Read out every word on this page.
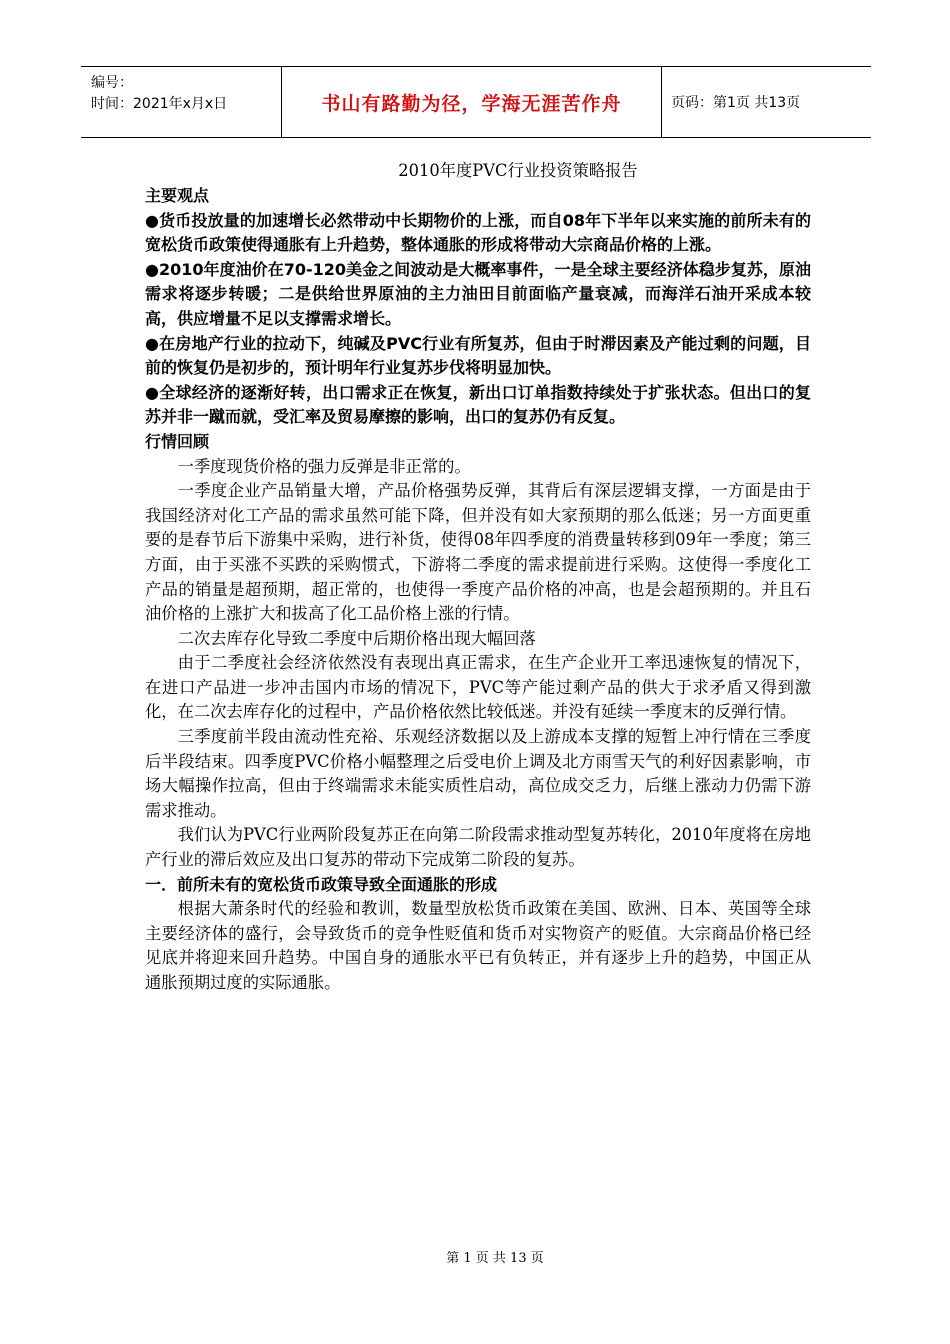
编号：
时间：2021年x月x日	书山有路勤为径，学海无涯苦作舟	页码：第1页 共13页

2010年度PVC行业投资策略报告

主要观点

●货币投放量的加速增长必然带动中长期物价的上涨，而自08年下半年以来实施的前所未有的宽松货币政策使得通胀有上升趋势，整体通胀的形成将带动大宗商品价格的上涨。

●2010年度油价在70-120美金之间波动是大概率事件，一是全球主要经济体稳步复苏，原油需求将逐步转暖；二是供给世界原油的主力油田目前面临产量衰减，而海洋石油开采成本较高，供应增量不足以支撑需求增长。

●在房地产行业的拉动下，纯碱及PVC行业有所复苏，但由于时滞因素及产能过剩的问题，目前的恢复仍是初步的，预计明年行业复苏步伐将明显加快。

●全球经济的逐渐好转，出口需求正在恢复，新出口订单指数持续处于扩张状态。但出口的复苏并非一蹴而就，受汇率及贸易摩擦的影响，出口的复苏仍有反复。

行情回顾

一季度现货价格的强力反弹是非正常的。

一季度企业产品销量大增，产品价格强势反弹，其背后有深层逻辑支撑，一方面是由于我国经济对化工产品的需求虽然可能下降，但并没有如大家预期的那么低迷；另一方面更重要的是春节后下游集中采购，进行补货，使得08年四季度的消费量转移到09年一季度；第三方面，由于买涨不买跌的采购惯式，下游将二季度的需求提前进行采购。这使得一季度化工产品的销量是超预期，超正常的，也使得一季度产品价格的冲高，也是会超预期的。并且石油价格的上涨扩大和拔高了化工品价格上涨的行情。

二次去库存化导致二季度中后期价格出现大幅回落

由于二季度社会经济依然没有表现出真正需求，在生产企业开工率迅速恢复的情况下，在进口产品进一步冲击国内市场的情况下，PVC等产能过剩产品的供大于求矛盾又得到激化，在二次去库存化的过程中，产品价格依然比较低迷。并没有延续一季度末的反弹行情。

三季度前半段由流动性充裕、乐观经济数据以及上游成本支撑的短暂上冲行情在三季度后半段结束。四季度PVC价格小幅整理之后受电价上调及北方雨雪天气的利好因素影响，市场大幅操作拉高，但由于终端需求未能实质性启动，高位成交乏力，后继上涨动力仍需下游需求推动。

我们认为PVC行业两阶段复苏正在向第二阶段需求推动型复苏转化，2010年度将在房地产行业的滞后效应及出口复苏的带动下完成第二阶段的复苏。

一．前所未有的宽松货币政策导致全面通胀的形成

根据大萧条时代的经验和教训，数量型放松货币政策在美国、欧洲、日本、英国等全球主要经济体的盛行，会导致货币的竞争性贬值和货币对实物资产的贬值。大宗商品价格已经见底并将迎来回升趋势。中国自身的通胀水平已有负转正，并有逐步上升的趋势，中国正从通胀预期过度的实际通胀。

第 1 页 共 13 页
